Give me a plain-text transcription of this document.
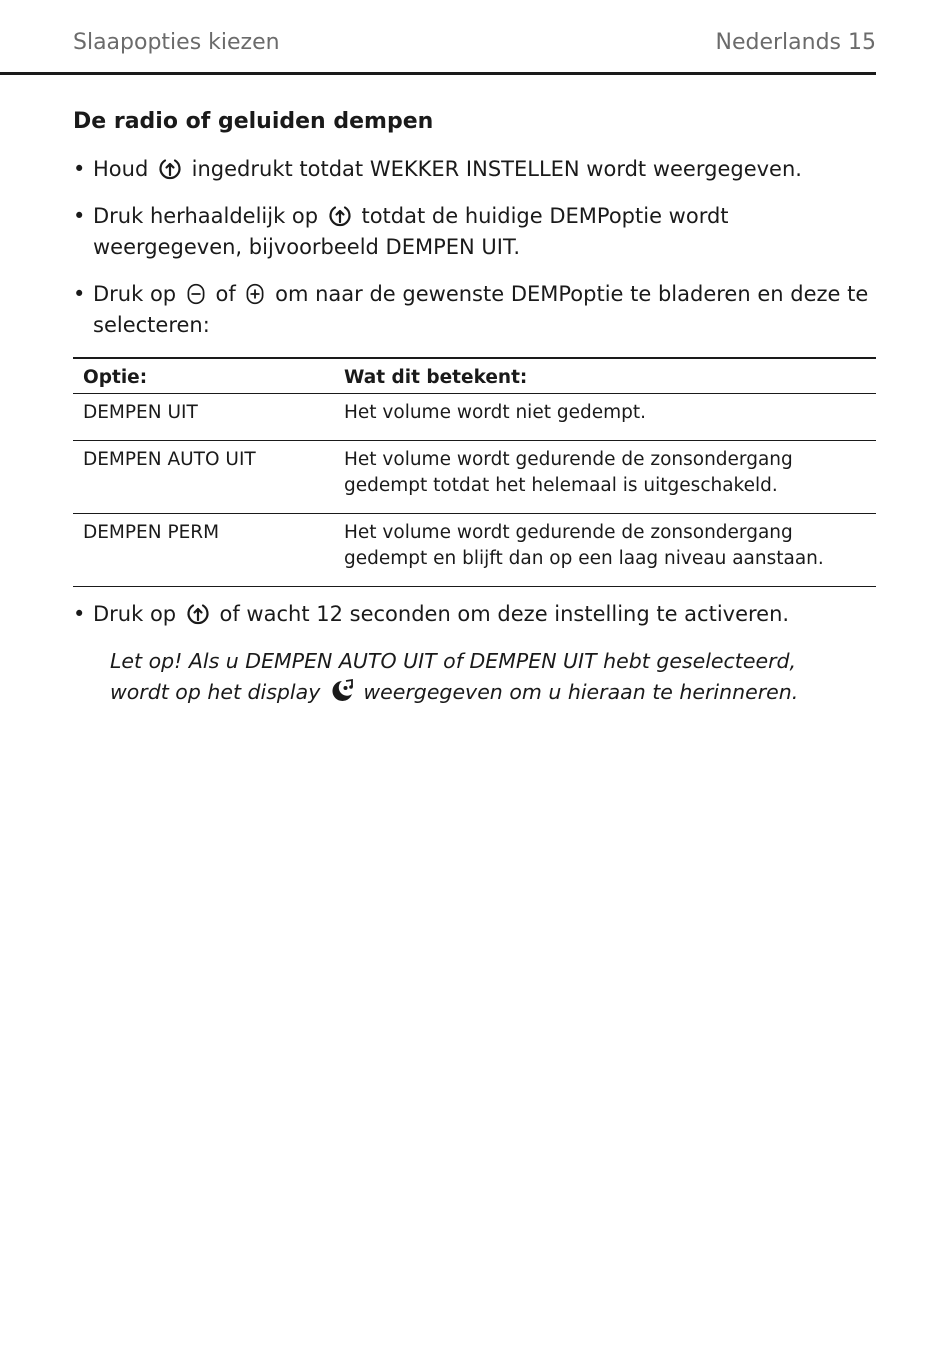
Slaapopties kiezen	Nederlands 15
De radio of geluiden dempen
• Houd ingedrukt totdat WEKKER INSTELLEN wordt weergegeven.
• Druk herhaaldelijk op totdat de huidige DEMPoptie wordt weergegeven, bijvoorbeeld DEMPEN UIT.
• Druk op of om naar de gewenste DEMPoptie te bladeren en deze te selecteren:
Optie:	Wat dit betekent:
DEMPEN UIT	Het volume wordt niet gedempt.
DEMPEN AUTO UIT	Het volume wordt gedurende de zonsondergang gedempt totdat het helemaal is uitgeschakeld.
DEMPEN PERM	Het volume wordt gedurende de zonsondergang gedempt en blijft dan op een laag niveau aanstaan.
• Druk op of wacht 12 seconden om deze instelling te activeren.

Let op! Als u DEMPEN AUTO UIT of DEMPEN UIT hebt geselecteerd, wordt op het display weergegeven om u hieraan te herinneren.
